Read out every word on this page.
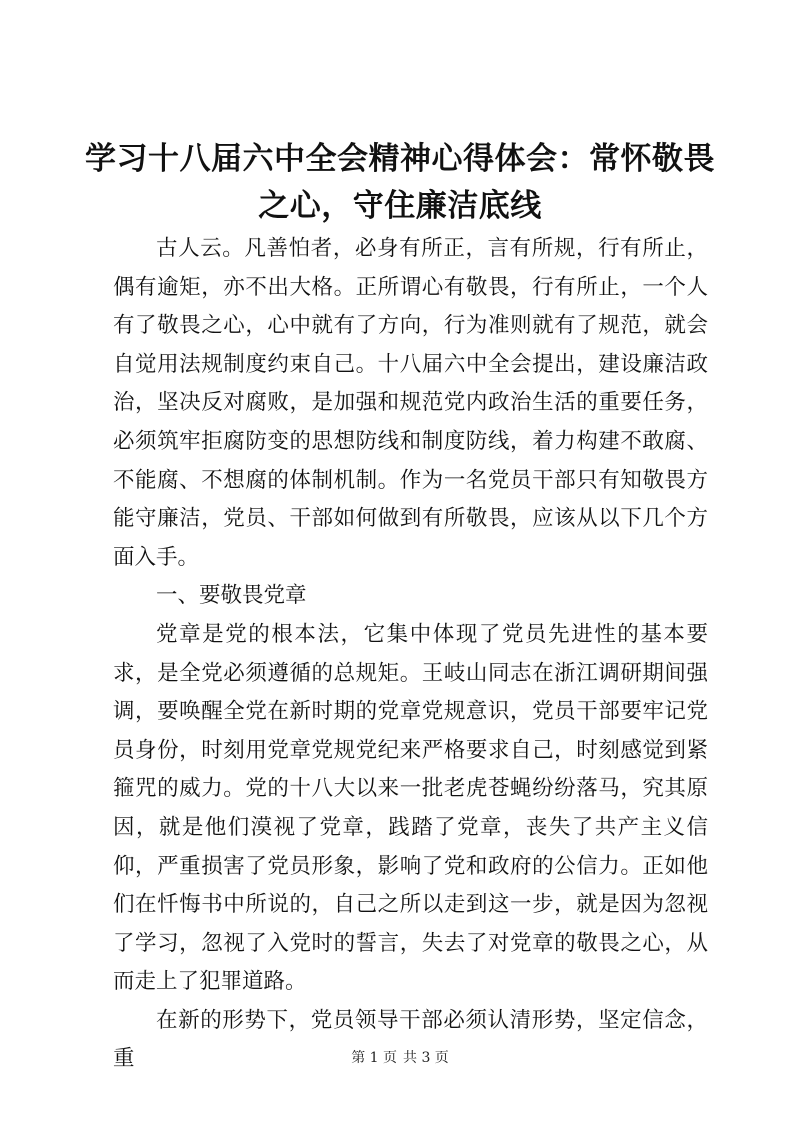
学习十八届六中全会精神心得体会：常怀敬畏
之心，守住廉洁底线

古人云。凡善怕者，必身有所正，言有所规，行有所止，偶有逾矩，亦不出大格。正所谓心有敬畏，行有所止，一个人有了敬畏之心，心中就有了方向，行为准则就有了规范，就会自觉用法规制度约束自己。十八届六中全会提出，建设廉洁政治，坚决反对腐败，是加强和规范党内政治生活的重要任务，必须筑牢拒腐防变的思想防线和制度防线，着力构建不敢腐、不能腐、不想腐的体制机制。作为一名党员干部只有知敬畏方能守廉洁，党员、干部如何做到有所敬畏，应该从以下几个方面入手。

一、要敬畏党章

党章是党的根本法，它集中体现了党员先进性的基本要求，是全党必须遵循的总规矩。王岐山同志在浙江调研期间强调，要唤醒全党在新时期的党章党规意识，党员干部要牢记党员身份，时刻用党章党规党纪来严格要求自己，时刻感觉到紧箍咒的威力。党的十八大以来一批老虎苍蝇纷纷落马，究其原因，就是他们漠视了党章，践踏了党章，丧失了共产主义信仰，严重损害了党员形象，影响了党和政府的公信力。正如他们在忏悔书中所说的，自己之所以走到这一步，就是因为忽视了学习，忽视了入党时的誓言，失去了对党章的敬畏之心，从而走上了犯罪道路。

在新的形势下，党员领导干部必须认清形势，坚定信念，重	第 1 页 共 3 页
